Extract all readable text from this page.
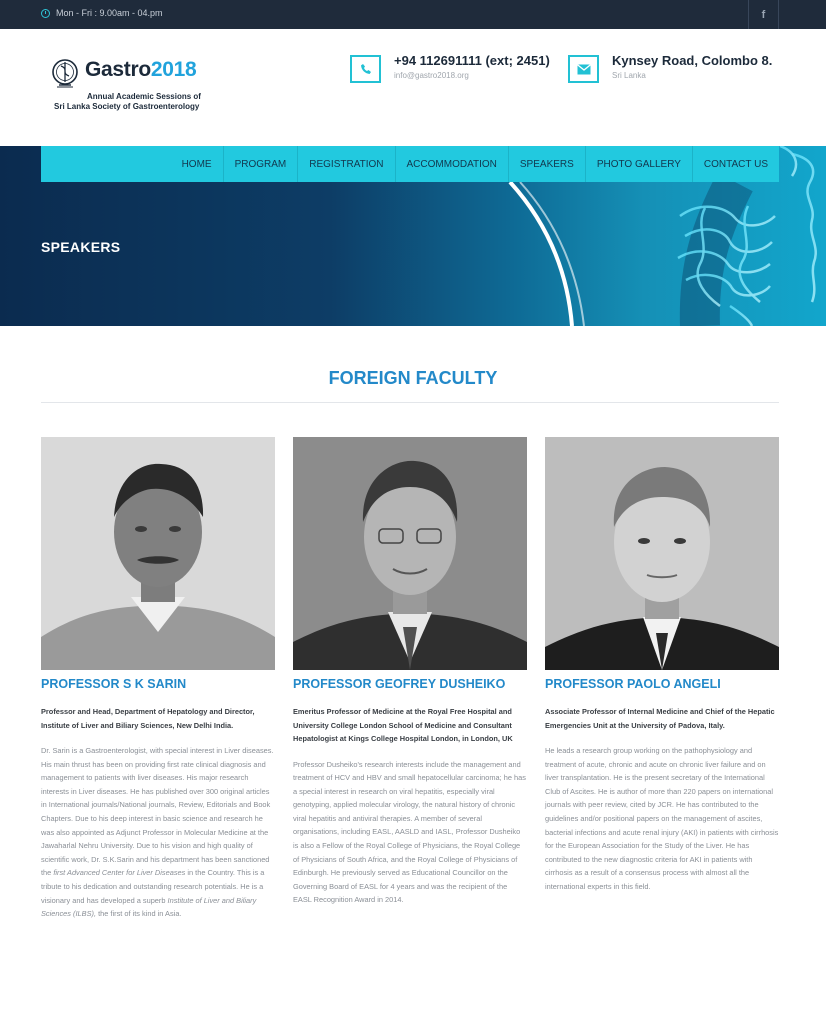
Mon - Fri : 9.00am - 04.pm	f
Gastro2018
Annual Academic Sessions of
Sri Lanka Society of Gastroenterology
+94 112691111 (ext; 2451)
info@gastro2018.org
Kynsey Road, Colombo 8.
Sri Lanka
HOME	PROGRAM	REGISTRATION	ACCOMMODATION	SPEAKERS	PHOTO GALLERY	CONTACT US
SPEAKERS
FOREIGN FACULTY
PROFESSOR S K SARIN
Professor and Head, Department of Hepatology and Director, Institute of Liver and Biliary Sciences, New Delhi India.
Dr. Sarin is a Gastroenterologist, with special interest in Liver diseases. His main thrust has been on providing first rate clinical diagnosis and management to patients with liver diseases. His major research interests in Liver diseases. He has published over 300 original articles in International journals/National journals, Review, Editorials and Book Chapters. Due to his deep interest in basic science and research he was also appointed as Adjunct Professor in Molecular Medicine at the Jawaharlal Nehru University. Due to his vision and high quality of scientific work, Dr. S.K.Sarin and his department has been sanctioned the first Advanced Center for Liver Diseases in the Country. This is a tribute to his dedication and outstanding research potentials. He is a visionary and has developed a superb Institute of Liver and Biliary Sciences (ILBS), the first of its kind in Asia.
PROFESSOR GEOFREY DUSHEIKO
Emeritus Professor of Medicine at the Royal Free Hospital and University College London School of Medicine and Consultant Hepatologist at Kings College Hospital London, in London, UK
Professor Dusheiko's research interests include the management and treatment of HCV and HBV and small hepatocellular carcinoma; he has a special interest in research on viral hepatitis, especially viral genotyping, applied molecular virology, the natural history of chronic viral hepatitis and antiviral therapies. A member of several organisations, including EASL, AASLD and IASL, Professor Dusheiko is also a Fellow of the Royal College of Physicians, the Royal College of Physicians of South Africa, and the Royal College of Physicians of Edinburgh. He previously served as Educational Councillor on the Governing Board of EASL for 4 years and was the recipient of the EASL Recognition Award in 2014.
PROFESSOR PAOLO ANGELI
Associate Professor of Internal Medicine and Chief of the Hepatic Emergencies Unit at the University of Padova, Italy.
He leads a research group working on the pathophysiology and treatment of acute, chronic and acute on chronic liver failure and on liver transplantation. He is the present secretary of the International Club of Ascites. He is author of more than 220 papers on international journals with peer review, cited by JCR. He has contributed to the guidelines and/or positional papers on the management of ascites, bacterial infections and acute renal injury (AKI) in patients with cirrhosis for the European Association for the Study of the Liver. He has contributed to the new diagnostic criteria for AKI in patients with cirrhosis as a result of a consensus process with almost all the international experts in this field.
